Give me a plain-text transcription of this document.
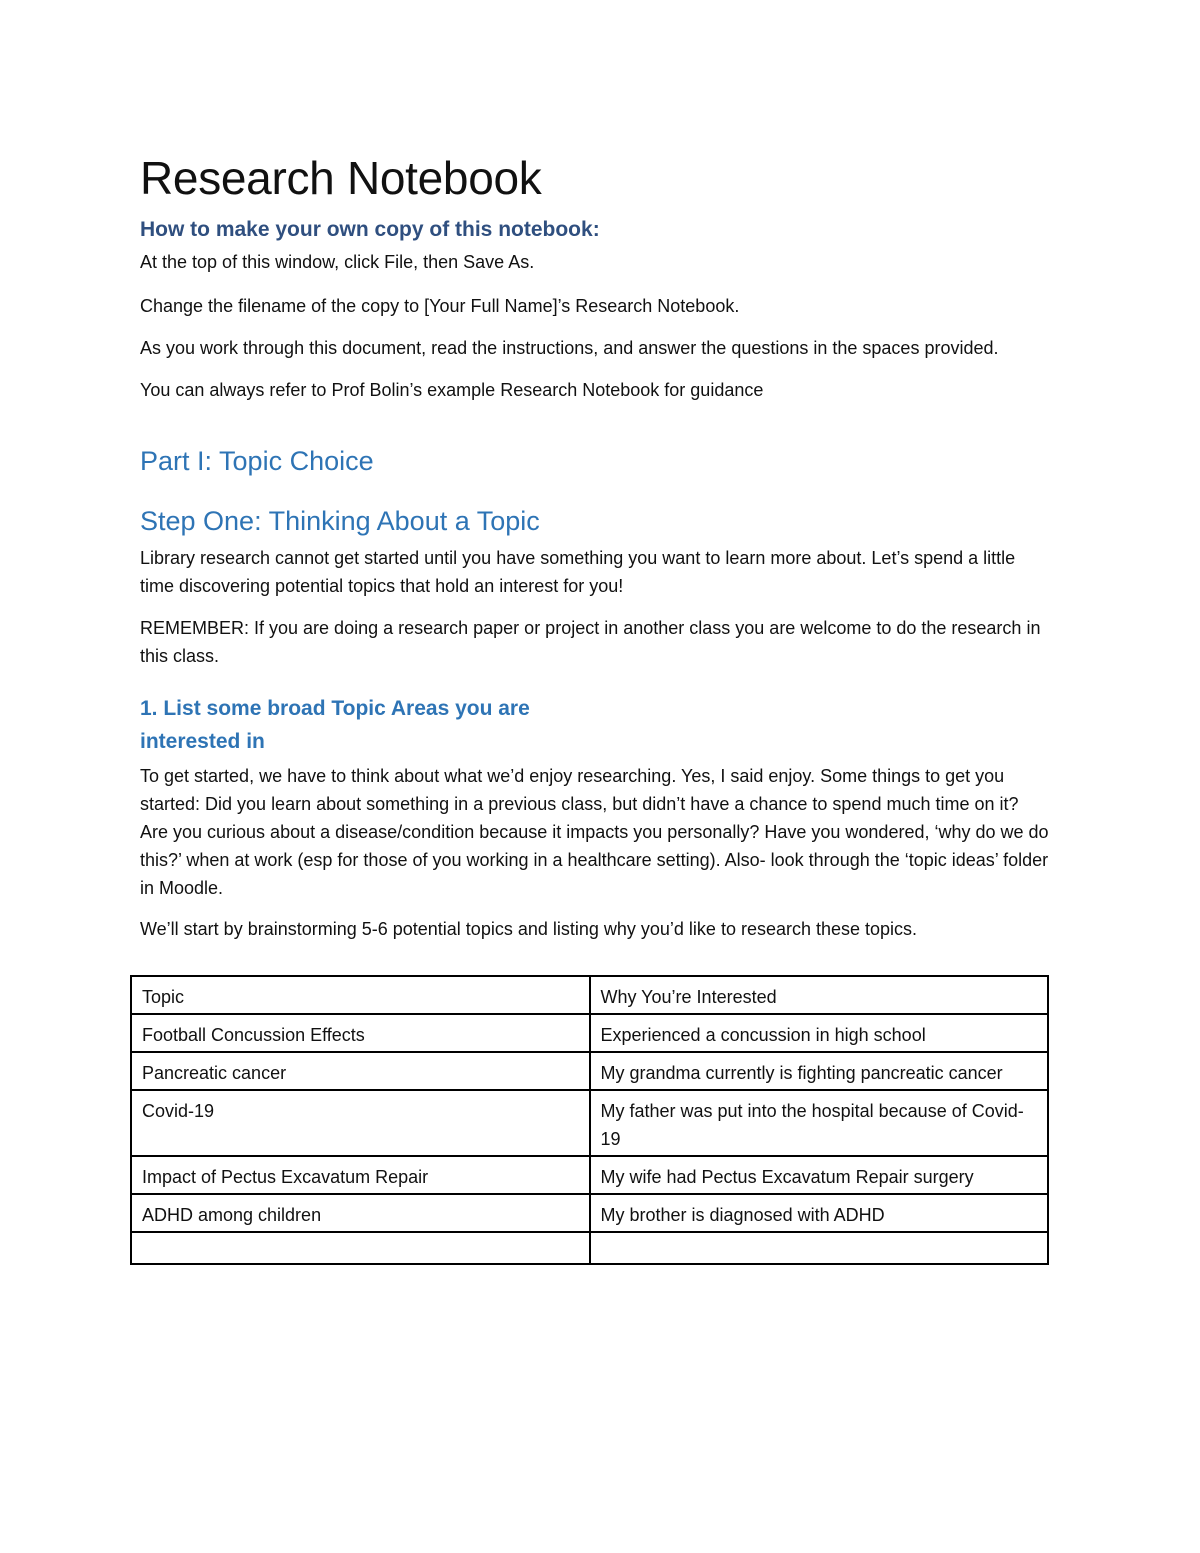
Research Notebook
How to make your own copy of this notebook:

At the top of this window, click File, then Save As.

Change the filename of the copy to [Your Full Name]’s Research Notebook.

As you work through this document, read the instructions, and answer the questions in the spaces provided.

You can always refer to Prof Bolin’s example Research Notebook for guidance

Part I: Topic Choice
Step One: Thinking About a Topic

Library research cannot get started until you have something you want to learn more about. Let’s spend a little time discovering potential topics that hold an interest for you!

REMEMBER: If you are doing a research paper or project in another class you are welcome to do the research in this class.

1. List some broad Topic Areas you are interested in

To get started, we have to think about what we’d enjoy researching. Yes, I said enjoy. Some things to get you started: Did you learn about something in a previous class, but didn’t have a chance to spend much time on it? Are you curious about a disease/condition because it impacts you personally? Have you wondered, ‘why do we do this?’ when at work (esp for those of you working in a healthcare setting). Also- look through the ‘topic ideas’ folder in Moodle.

We’ll start by brainstorming 5-6 potential topics and listing why you’d like to research these topics.

Topic	Why You’re Interested
Football Concussion Effects	Experienced a concussion in high school
Pancreatic cancer	My grandma currently is fighting pancreatic cancer
Covid-19	My father was put into the hospital because of Covid-19
Impact of Pectus Excavatum Repair	My wife had Pectus Excavatum Repair surgery
ADHD among children	My brother is diagnosed with ADHD
